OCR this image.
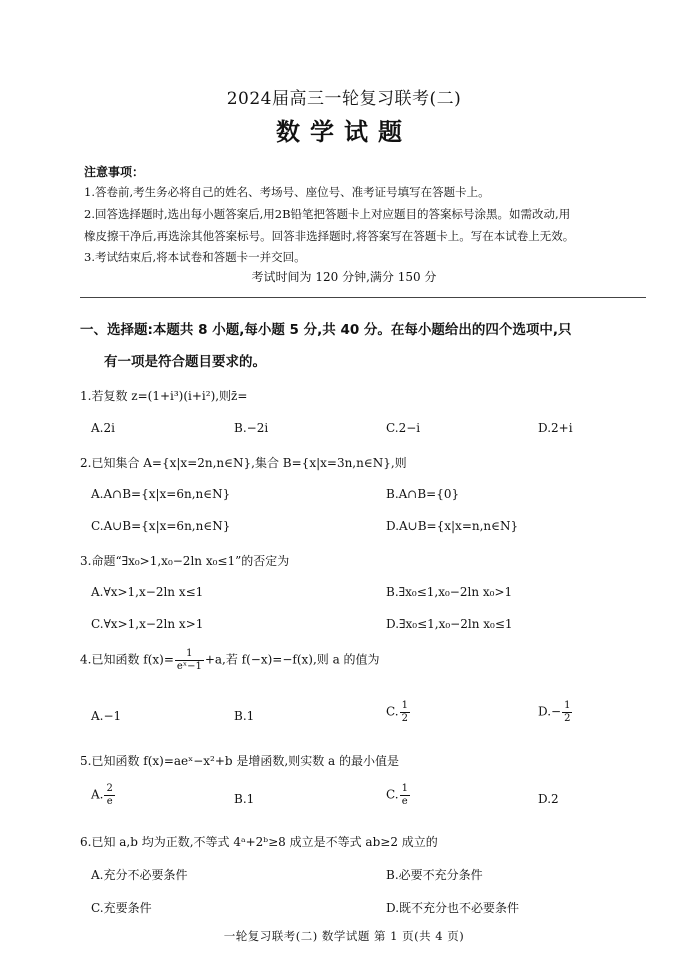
2024届高三一轮复习联考(二)
数学试题
注意事项：
1.答卷前,考生务必将自己的姓名、考场号、座位号、准考证号填写在答题卡上。
2.回答选择题时,选出每小题答案后,用2B铅笔把答题卡上对应题目的答案标号涂黑。如需改动,用
橡皮擦干净后,再选涂其他答案标号。回答非选择题时,将答案写在答题卡上。写在本试卷上无效。
3.考试结束后,将本试卷和答题卡一并交回。
考试时间为 120 分钟,满分 150 分
一、选择题:本题共 8 小题,每小题 5 分,共 40 分。在每小题给出的四个选项中,只
有一项是符合题目要求的。
1.若复数 z=(1+i³)(i+i²),则z̄=
A.2i	B.−2i	C.2−i	D.2+i
2.已知集合 A={x|x=2n,n∈N},集合 B={x|x=3n,n∈N},则
A.A∩B={x|x=6n,n∈N}	B.A∩B={0}
C.A∪B={x|x=6n,n∈N}	D.A∪B={x|x=n,n∈N}
3.命题“∃x₀>1,x₀−2ln x₀≤1”的否定为
A.∀x>1,x−2ln x≤1	B.∃x₀≤1,x₀−2ln x₀>1
C.∀x>1,x−2ln x>1	D.∃x₀≤1,x₀−2ln x₀≤1
4.已知函数 $f(x)= \frac{1}{\text{eˣ−1}} +a$,若 f(−x)=−f(x),则 a 的值为
A.−1	B.1	C. $\frac{1}{2}$	$D.- \frac{1}{2}$
5.已知函数 f(x)=aeˣ−x²+b 是增函数,则实数 a 的最小值是
A. $\frac{2}{e}$	B.1	C. $\frac{1}{e}$	D.2
6.已知 a,b 均为正数,不等式 4ᵃ+2ᵇ≥8 成立是不等式 ab≥2 成立的
A.充分不必要条件	B.必要不充分条件
C.充要条件	D.既不充分也不必要条件
一轮复习联考(二) 数学试题 第 1 页(共 4 页)
